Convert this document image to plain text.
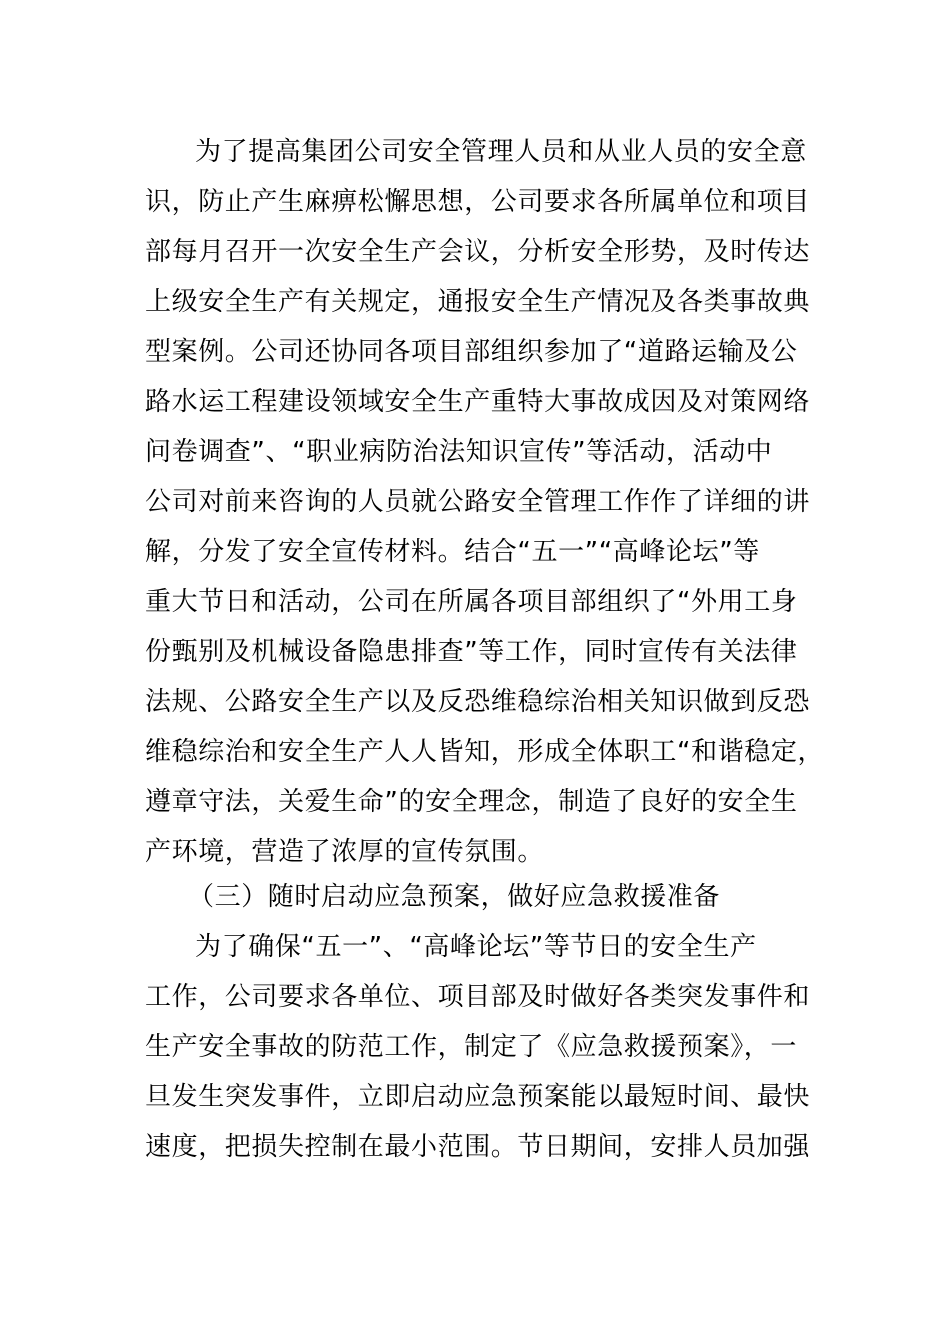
为了提高集团公司安全管理人员和从业人员的安全意
识，防止产生麻痹松懈思想，公司要求各所属单位和项目
部每月召开一次安全生产会议，分析安全形势，及时传达
上级安全生产有关规定，通报安全生产情况及各类事故典
型案例。公司还协同各项目部组织参加了“道路运输及公
路水运工程建设领域安全生产重特大事故成因及对策网络
问卷调查”、“职业病防治法知识宣传”等活动，活动中
公司对前来咨询的人员就公路安全管理工作作了详细的讲
解，分发了安全宣传材料。结合“五一”“高峰论坛”等
重大节日和活动，公司在所属各项目部组织了“外用工身
份甄别及机械设备隐患排查”等工作，同时宣传有关法律
法规、公路安全生产以及反恐维稳综治相关知识做到反恐
维稳综治和安全生产人人皆知，形成全体职工“和谐稳定，
遵章守法，关爱生命”的安全理念，制造了良好的安全生
产环境，营造了浓厚的宣传氛围。
（三）随时启动应急预案，做好应急救援准备
为了确保“五一”、“高峰论坛”等节日的安全生产
工作，公司要求各单位、项目部及时做好各类突发事件和
生产安全事故的防范工作，制定了《应急救援预案》，一
旦发生突发事件，立即启动应急预案能以最短时间、最快
速度，把损失控制在最小范围。节日期间，安排人员加强
